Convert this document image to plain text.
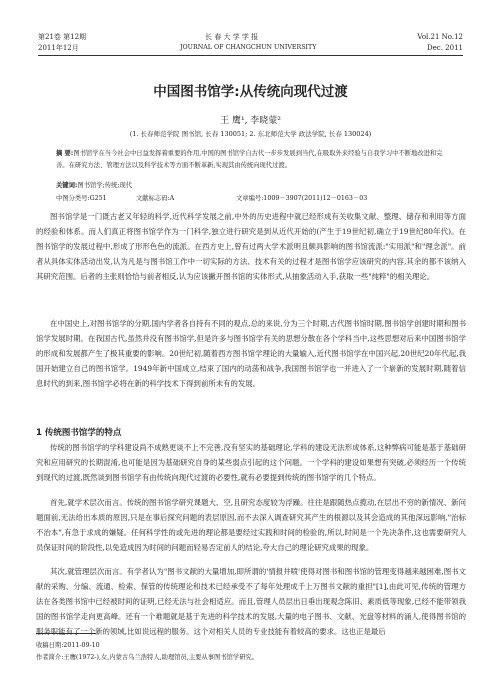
第21卷 第12期	长 春 大 学 学 报	Vol.21 No.12
2011年12月	JOURNAL OF CHANGCHUN UNIVERSITY	Dec. 2011
中国图书馆学:从传统向现代过渡
王 鹰¹, 李晓蒙²
(1. 长春师范学院 图书馆, 长春 130051; 2. 东北师范大学 政法学院, 长春 130024)
摘 要:图书馆学在当今社会中日益发挥着重要的作用,中国的图书馆学自古代一步步发展到当代,在吸取外来经验与自我学习中不断地改进和完善。在研究方法、管理方法以及科学技术等方面不断革新,实现其由传统向现代过渡。
关键词:图书馆学;传统;现代
中图分类号:G251	文献标志码:A	文章编号:1009－3907(2011)12－0163－03

图书馆学是一门既古老又年轻的科学,近代科学发展之前,中外的历史进程中就已经形成有关收集文献、整理、储存和利用等方面的经验和体系。而人们真正将图书馆学作为一门科学,独立进行研究是到从近代开始的(产生于19世纪初,确立于19世纪80年代)。在图书馆学的发展过程中,形成了形形色色的流派。在西方史上,曾有过两大学术派明且颇具影响的图书馆流派:"实用派"和"理念派"。前者从具体实体活动出发,认为凡是与图书馆工作中一切实际的方法、技术有关的过程才是图书馆学应该研究的内容,其余的都不该纳入其研究范围。后者的主张则恰恰与前者相反,认为应该撇开图书馆的实体形式,从抽象活动入手,获取一些"纯粹"的相关理论。

在中国史上,对图书馆学的分期,国内学者各自持有不同的观点,总的来说,分为三个时期,古代图书馆时期,图书馆学创建时期和图书馆学发展时期。在我国古代,虽然并没有图书馆学,但是许多与图书馆学有关的思想分散在各个学科当中,这些思想对后来中国图书馆学的形成和发展都产生了极其重要的影响。20世纪初,随着西方图书馆学理论的大量输入,近代图书馆学在中国兴起,20世纪20年代起,我国开始建立自己的图书馆学。1949年新中国成立,结束了国内的动荡和战争,我国图书馆学也一并进入了一个崭新的发展时期,随着信息时代的到来,图书馆学必将在新的科学技术下得到前所未有的发展。

1 传统图书馆学的特点

传统的图书馆学的学科建设尚不成熟更谈不上不完善,没有坚实的基础理论,学科的建设无法形成体系,这种弊病可能是基于基础研究和应用研究的长期混淆,也可能是因为基础研究自身的某些弱点引起的这个问题。一个学科的建设如果想有突破,必须经历一个传统到现代的过渡,既然谈到图书馆学有由传统向现代过渡的必要性,就有必要提到传统的图书馆学的几个特点。

首先,就学术层次而言。传统的图书馆学研究课题大、空,且研究态度较为浮躁。往往是跟随热点揽动,在层出不穷的新情况、新问题面前,无法给出本质的原因,只是在事后探究问题的表层原因,而不去深入调查研究其产生的根源以及其会造成的其他深远影响,"治标不治本",有急于求成的嫌疑。任何科学性的或先进的理论都是要经过实践和时间的检验的,所以,时间是一个先决条件,这也需要研究人员保证时间的阶段性,以免造成因为时间的问题而轻易否定前人的结论,夸大自己的理论研究成果的现象。

其次,就管理层次而言。有学者认为"图书文献的大量增加,即所谓的'情报井喷'使得对图书和图书馆的管理变得越来越困难,图书文献的采购、分编、流通、检索、保管的传统理论和技术已经承受不了每年处理成千上万图书文献的重担"[1],由此可见,传统的管理方法在各类图书馆中已经被时间的证明,已经无法与社会相适应。而且,管理人员层出日垂出现观念陈旧、素质低等现象,已经不能带领我国的图书馆学走向更高峰。还有一个难题就是基于先进的科学技术的发展,大量的电子图书、文献、光盘等材料的涌人,使得图书馆的服务职能有了一个新的领域,比如说远程的服务。这个对相关人员的专业技能有着较高的要求。这也正是最后

收稿日期:2011-09-10
作者简介:王鹰(1972-),女,内蒙古乌兰浩特人,助理馆员,主要从事图书馆学研究。
